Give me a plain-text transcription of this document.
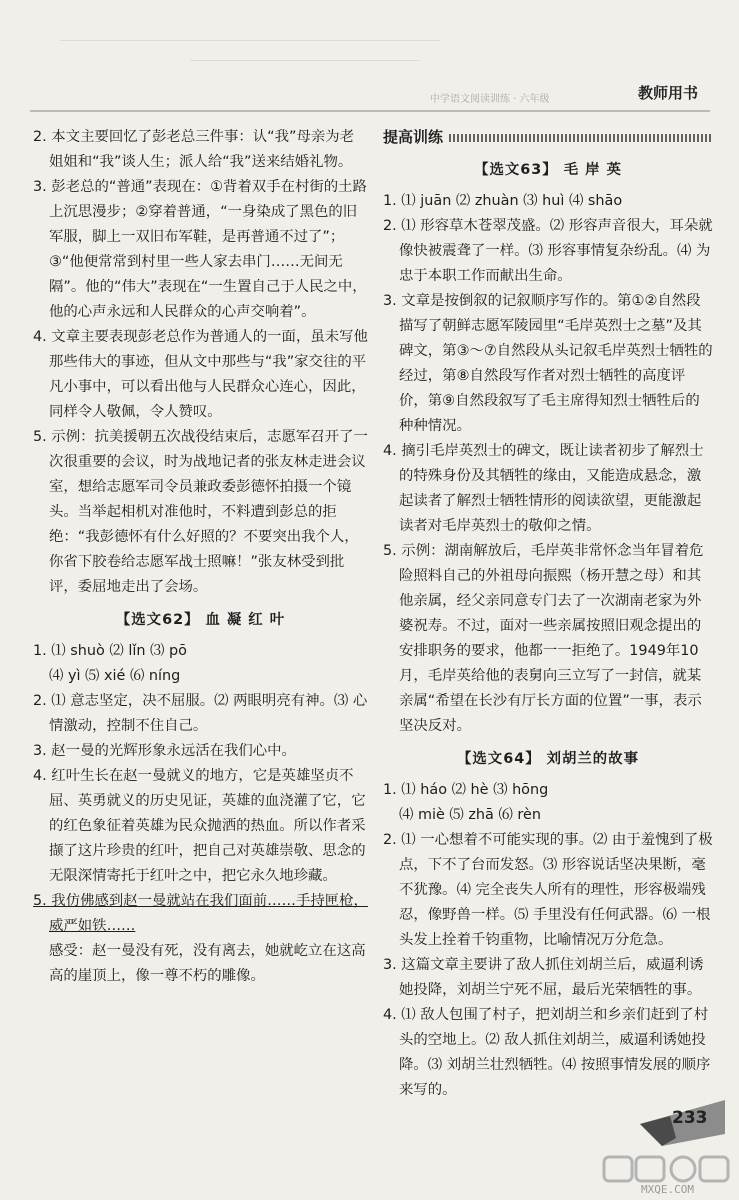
中学语文阅读训练 · 六年级	教师用书

2. 本文主要回忆了彭老总三件事：认“我”母亲为老姐姐和“我”谈人生；派人给“我”送来结婚礼物。

3. 彭老总的“普通”表现在：①背着双手在村街的土路上沉思漫步；②穿着普通，“一身染成了黑色的旧军服，脚上一双旧布军鞋，是再普通不过了”；③“他便常常到村里一些人家去串门……无间无隔”。他的“伟大”表现在“一生置自己于人民之中，他的心声永远和人民群众的心声交响着”。

4. 文章主要表现彭老总作为普通人的一面，虽未写他那些伟大的事迹，但从文中那些与“我”家交往的平凡小事中，可以看出他与人民群众心连心，因此，同样令人敬佩，令人赞叹。

5. 示例：抗美援朝五次战役结束后，志愿军召开了一次很重要的会议，时为战地记者的张友林走进会议室，想给志愿军司令员兼政委彭德怀拍摄一个镜头。当举起相机对准他时，不料遭到彭总的拒绝：“我彭德怀有什么好照的？不要突出我个人，你省下胶卷给志愿军战士照嘛！”张友林受到批评，委屈地走出了会场。

【选文62】 血 凝 红 叶

1. ⑴ shuò ⑵ lǐn ⑶ pō

⑷ yì ⑸ xié ⑹ níng

2. ⑴ 意志坚定，决不屈服。⑵ 两眼明亮有神。⑶ 心情激动，控制不住自己。

3. 赵一曼的光辉形象永远活在我们心中。

4. 红叶生长在赵一曼就义的地方，它是英雄坚贞不屈、英勇就义的历史见证，英雄的血浇灌了它，它的红色象征着英雄为民众抛洒的热血。所以作者采撷了这片珍贵的红叶，把自己对英雄崇敬、思念的无限深情寄托于红叶之中，把它永久地珍藏。

5. 我仿佛感到赵一曼就站在我们面前……手持匣枪，威严如铁……

感受：赵一曼没有死，没有离去，她就屹立在这高高的崖顶上，像一尊不朽的雕像。

提高训练
【选文63】 毛 岸 英

1. ⑴ juān ⑵ zhuàn ⑶ huì ⑷ shāo

2. ⑴ 形容草木苍翠茂盛。⑵ 形容声音很大，耳朵就像快被震聋了一样。⑶ 形容事情复杂纷乱。⑷ 为忠于本职工作而献出生命。

3. 文章是按倒叙的记叙顺序写作的。第①②自然段描写了朝鲜志愿军陵园里“毛岸英烈士之墓”及其碑文，第③～⑦自然段从头记叙毛岸英烈士牺牲的经过，第⑧自然段写作者对烈士牺牲的高度评价，第⑨自然段叙写了毛主席得知烈士牺牲后的种种情况。

4. 摘引毛岸英烈士的碑文，既让读者初步了解烈士的特殊身份及其牺牲的缘由，又能造成悬念，激起读者了解烈士牺牲情形的阅读欲望，更能激起读者对毛岸英烈士的敬仰之情。

5. 示例：湖南解放后，毛岸英非常怀念当年冒着危险照料自己的外祖母向振熙（杨开慧之母）和其他亲属，经父亲同意专门去了一次湖南老家为外婆祝寿。不过，面对一些亲属按照旧观念提出的安排职务的要求，他都一一拒绝了。1949年10月，毛岸英给他的表舅向三立写了一封信，就某亲属“希望在长沙有厅长方面的位置”一事，表示坚决反对。

【选文64】 刘胡兰的故事

1. ⑴ háo ⑵ hè ⑶ hōng

⑷ miè ⑸ zhā ⑹ rèn

2. ⑴ 一心想着不可能实现的事。⑵ 由于羞愧到了极点，下不了台而发怒。⑶ 形容说话坚决果断，毫不犹豫。⑷ 完全丧失人所有的理性，形容极端残忍，像野兽一样。⑸ 手里没有任何武器。⑹ 一根头发上拴着千钧重物，比喻情况万分危急。

3. 这篇文章主要讲了敌人抓住刘胡兰后，威逼利诱她投降，刘胡兰宁死不屈，最后光荣牺牲的事。

4. ⑴ 敌人包围了村子，把刘胡兰和乡亲们赶到了村头的空地上。⑵ 敌人抓住刘胡兰，威逼利诱她投降。⑶ 刘胡兰壮烈牺牲。⑷ 按照事情发展的顺序来写的。

233
MXQE.COM
